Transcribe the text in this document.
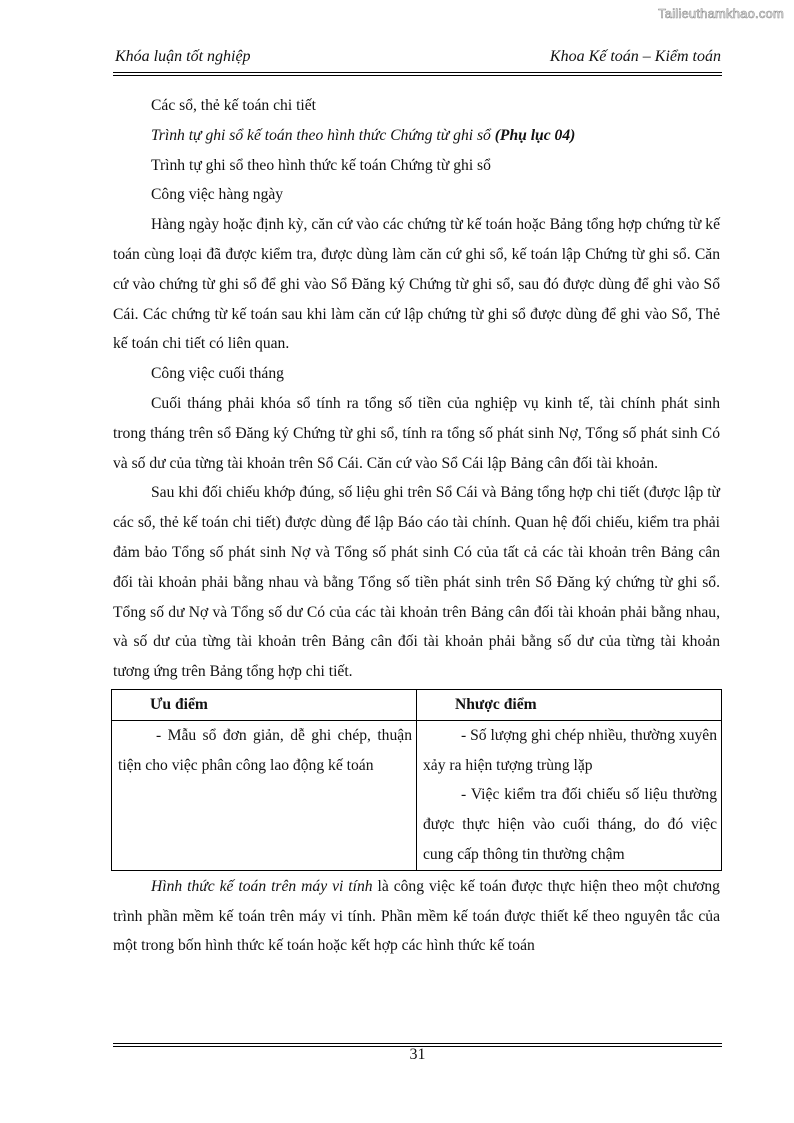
Tailieuthamkhao.com
Khóa luận tốt nghiệp	Khoa Kế toán – Kiểm toán

Các sổ, thẻ kế toán chi tiết

Trình tự ghi sổ kế toán theo hình thức Chứng từ ghi sổ (Phụ lục 04)

Trình tự ghi sổ theo hình thức kế toán Chứng từ ghi sổ

Công việc hàng ngày

Hàng ngày hoặc định kỳ, căn cứ vào các chứng từ kế toán hoặc Bảng tổng hợp chứng từ kế toán cùng loại đã được kiểm tra, được dùng làm căn cứ ghi sổ, kế toán lập Chứng từ ghi sổ. Căn cứ vào chứng từ ghi sổ để ghi vào Sổ Đăng ký Chứng từ ghi sổ, sau đó được dùng để ghi vào Sổ Cái. Các chứng từ kế toán sau khi làm căn cứ lập chứng từ ghi sổ được dùng để ghi vào Sổ, Thẻ kế toán chi tiết có liên quan.

Công việc cuối tháng

Cuối tháng phải khóa sổ tính ra tổng số tiền của nghiệp vụ kinh tế, tài chính phát sinh trong tháng trên sổ Đăng ký Chứng từ ghi sổ, tính ra tổng số phát sinh Nợ, Tổng số phát sinh Có và số dư của từng tài khoản trên Sổ Cái. Căn cứ vào Sổ Cái lập Bảng cân đối tài khoản.

Sau khi đối chiếu khớp đúng, số liệu ghi trên Sổ Cái và Bảng tổng hợp chi tiết (được lập từ các sổ, thẻ kế toán chi tiết) được dùng để lập Báo cáo tài chính. Quan hệ đối chiếu, kiểm tra phải đảm bảo Tổng số phát sinh Nợ và Tổng số phát sinh Có của tất cả các tài khoản trên Bảng cân đối tài khoản phải bằng nhau và bằng Tổng số tiền phát sinh trên Sổ Đăng ký chứng từ ghi sổ. Tổng số dư Nợ và Tổng số dư Có của các tài khoản trên Bảng cân đối tài khoản phải bằng nhau, và số dư của từng tài khoản trên Bảng cân đối tài khoản phải bằng số dư của từng tài khoản tương ứng trên Bảng tổng hợp chi tiết.

Ưu điểm	Nhược điểm

- Mẫu sổ đơn giản, dễ ghi chép, thuận tiện cho việc phân công lao động kế toán	- Số lượng ghi chép nhiều, thường xuyên xảy ra hiện tượng trùng lặp

- Việc kiểm tra đối chiếu số liệu thường được thực hiện vào cuối tháng, do đó việc cung cấp thông tin thường chậm

Hình thức kế toán trên máy vi tính là công việc kế toán được thực hiện theo một chương trình phần mềm kế toán trên máy vi tính. Phần mềm kế toán được thiết kế theo nguyên tắc của một trong bốn hình thức kế toán hoặc kết hợp các hình thức kế toán

31
